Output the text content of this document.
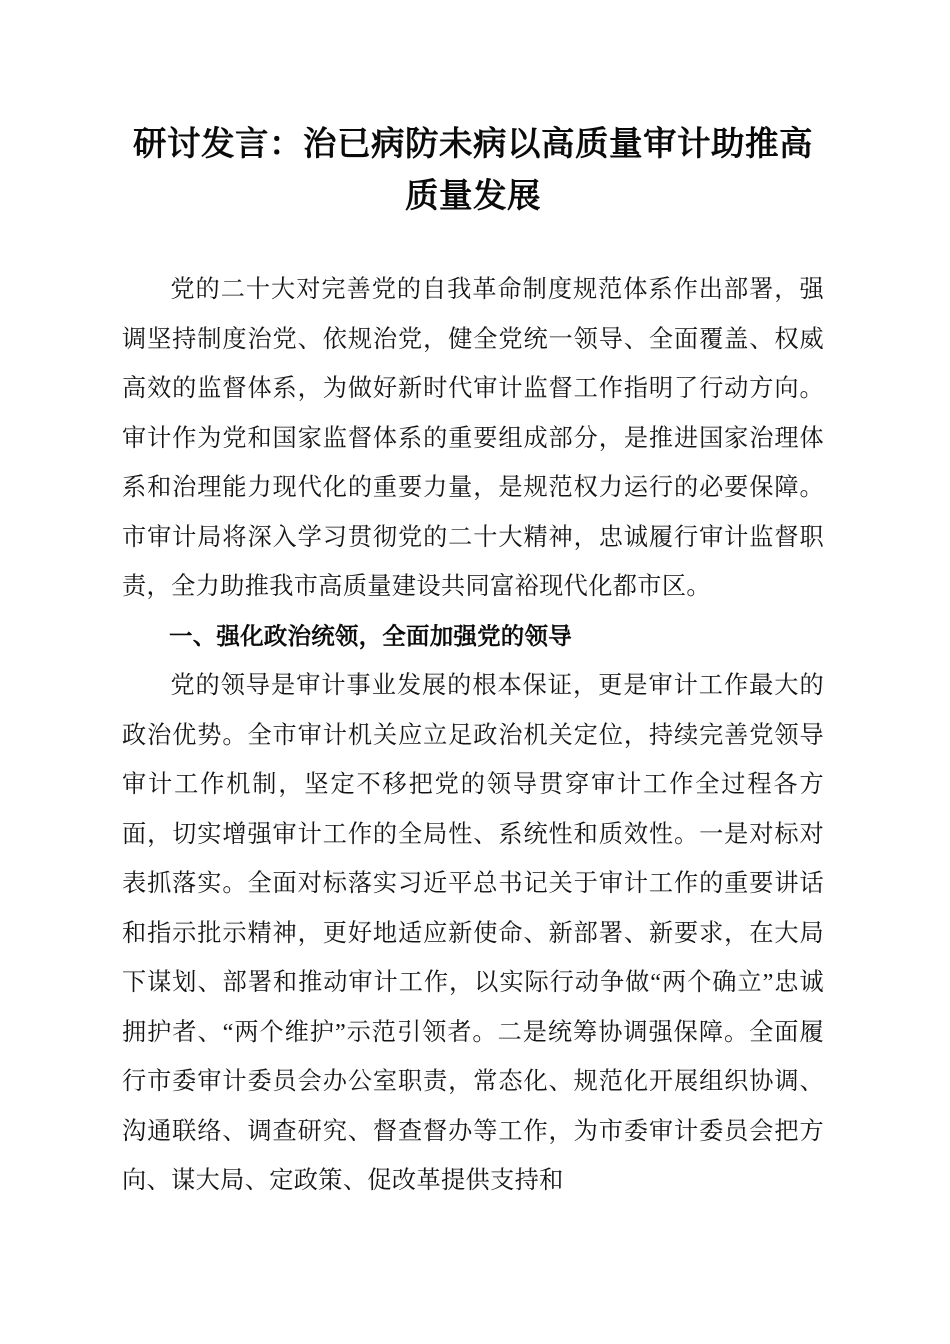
研讨发言：治已病防未病以高质量审计助推高质量发展

党的二十大对完善党的自我革命制度规范体系作出部署，强调坚持制度治党、依规治党，健全党统一领导、全面覆盖、权威高效的监督体系，为做好新时代审计监督工作指明了行动方向。审计作为党和国家监督体系的重要组成部分，是推进国家治理体系和治理能力现代化的重要力量，是规范权力运行的必要保障。市审计局将深入学习贯彻党的二十大精神，忠诚履行审计监督职责，全力助推我市高质量建设共同富裕现代化都市区。

一、强化政治统领，全面加强党的领导

党的领导是审计事业发展的根本保证，更是审计工作最大的政治优势。全市审计机关应立足政治机关定位，持续完善党领导审计工作机制，坚定不移把党的领导贯穿审计工作全过程各方面，切实增强审计工作的全局性、系统性和质效性。一是对标对表抓落实。全面对标落实习近平总书记关于审计工作的重要讲话和指示批示精神，更好地适应新使命、新部署、新要求，在大局下谋划、部署和推动审计工作，以实际行动争做“两个确立”忠诚拥护者、“两个维护”示范引领者。二是统筹协调强保障。全面履行市委审计委员会办公室职责，常态化、规范化开展组织协调、沟通联络、调查研究、督查督办等工作，为市委审计委员会把方向、谋大局、定政策、促改革提供支持和
